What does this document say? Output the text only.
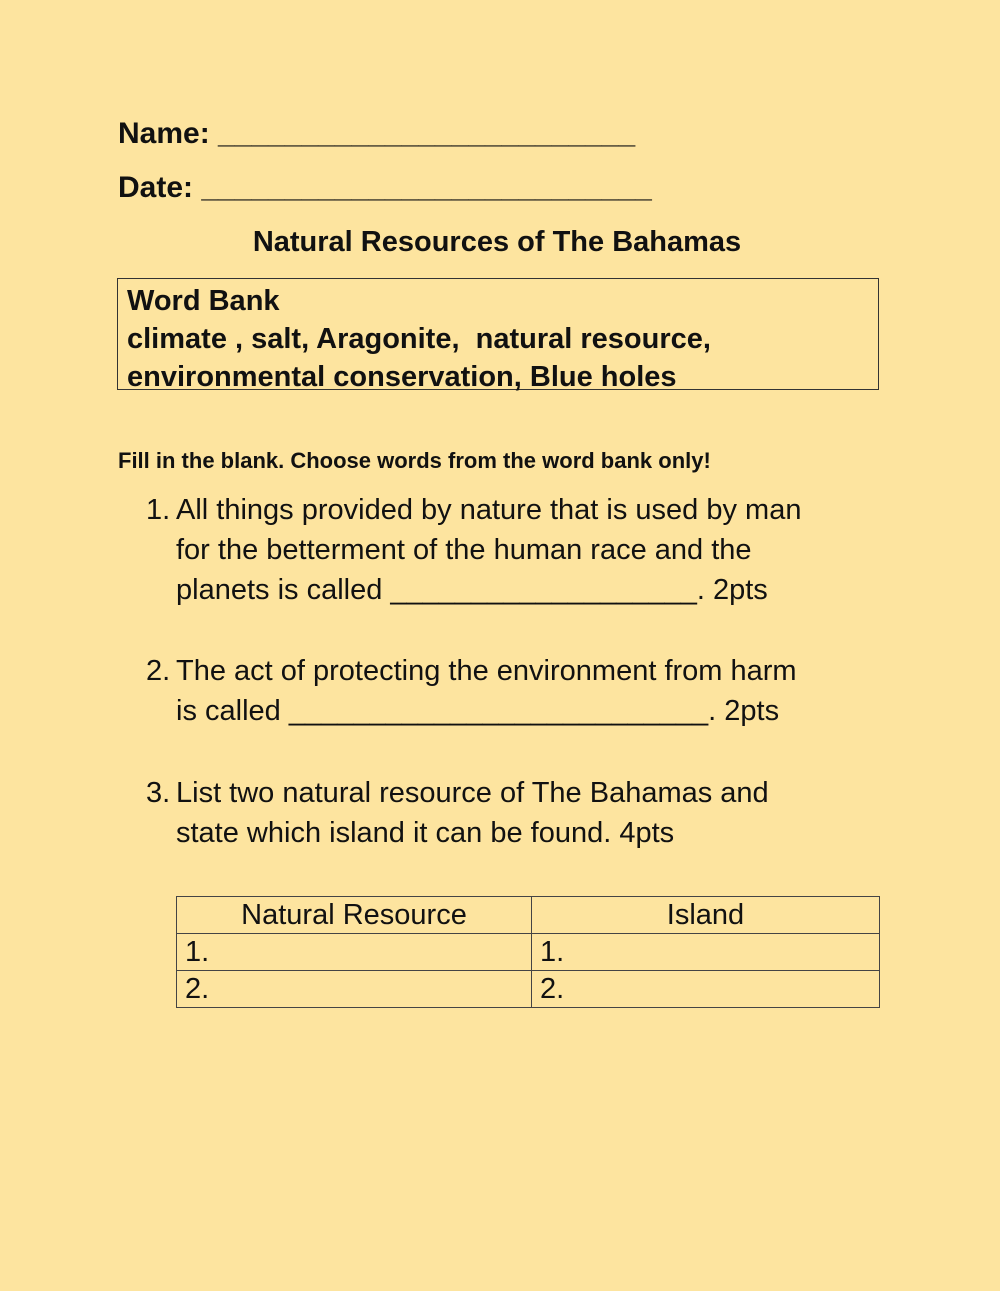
Name: _________________________
Date: ___________________________
Natural Resources of The Bahamas
Word Bank
climate , salt, Aragonite,  natural resource,
environmental conservation, Blue holes
Fill in the blank. Choose words from the word bank only!
1. All things provided by nature that is used by man
for the betterment of the human race and the
planets is called ___________________. 2pts
2. The act of protecting the environment from harm
is called __________________________. 2pts
3. List two natural resource of The Bahamas and
state which island it can be found. 4pts
Natural Resource	Island
1.	1.
2.	2.
